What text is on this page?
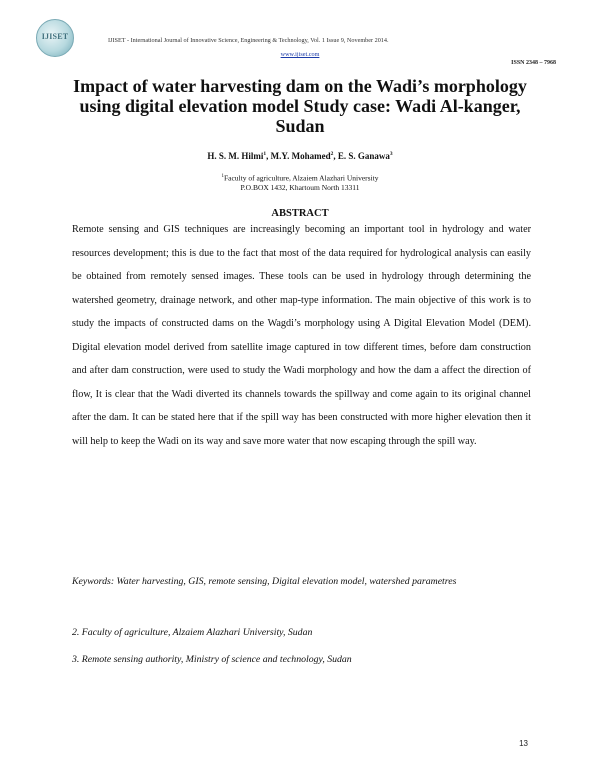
IJISET	IJISET - International Journal of Innovative Science, Engineering & Technology, Vol. 1 Issue 9, November 2014.
www.ijiset.com
ISSN 2348 – 7968
Impact of water harvesting dam on the Wadi’s morphology using digital elevation model Study case: Wadi Al-kanger, Sudan
H. S. M. Hilmi$^1$, M.Y. Mohamed$^2$, E. S. Ganawa$^3$
$^1$Faculty of agriculture, Alzaiem Alazhari University
P.O.BOX 1432, Khartoum North 13311
ABSTRACT
Remote sensing and GIS techniques are increasingly becoming an important tool in hydrology and water resources development; this is due to the fact that most of the data required for hydrological analysis can easily be obtained from remotely sensed images. These tools can be used in hydrology through determining the watershed geometry, drainage network, and other map-type information. The main objective of this work is to study the impacts of constructed dams on the Wagdi’s morphology using A Digital Elevation Model (DEM). Digital elevation model derived from satellite image captured in tow different times, before dam construction and after dam construction, were used to study the Wadi morphology and how the dam a affect the direction of flow, It is clear that the Wadi diverted its channels towards the spillway and come again to its original channel after the dam. It can be stated here that if the spill way has been constructed with more higher elevation then it will help to keep the Wadi on its way and save more water that now escaping through the spill way.
Keywords: Water harvesting, GIS, remote sensing, Digital elevation model, watershed parametres
2. Faculty of agriculture, Alzaiem Alazhari University, Sudan
3. Remote sensing authority, Ministry of science and technology, Sudan
13
